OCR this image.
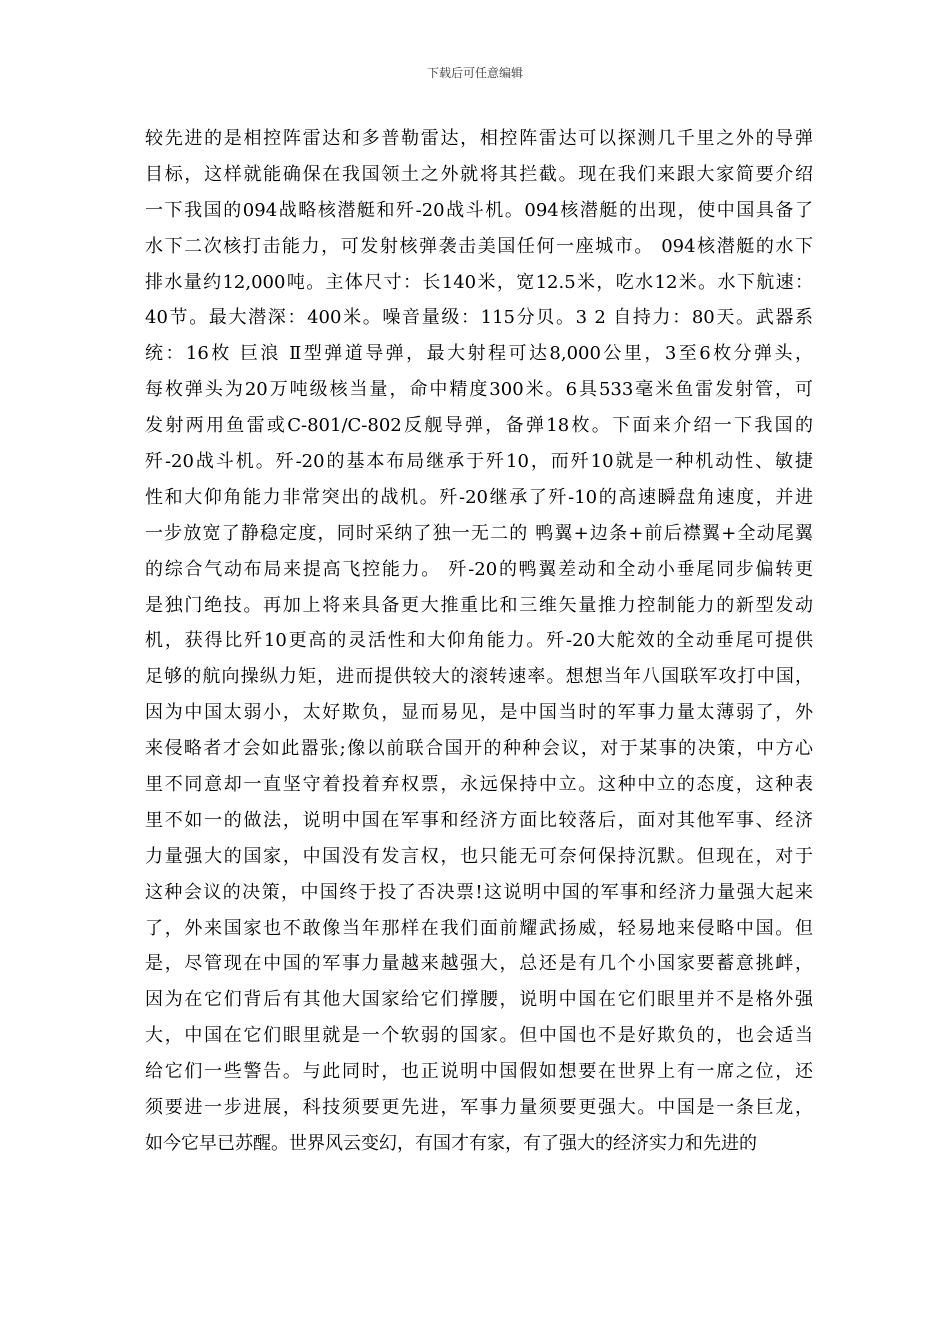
下载后可任意编辑
较先进的是相控阵雷达和多普勒雷达，相控阵雷达可以探测几千里之外的导弹
目标，这样就能确保在我国领土之外就将其拦截。现在我们来跟大家简要介绍
一下我国的094战略核潜艇和歼-20战斗机。094核潜艇的出现，使中国具备了
水下二次核打击能力，可发射核弹袭击美国任何一座城市。 094核潜艇的水下
排水量约12,000吨。主体尺寸：长140米，宽12.5米，吃水12米。水下航速：
40节。最大潜深：400米。噪音量级：115分贝。3 2 自持力：80天。武器系
统：16枚 巨浪 Ⅱ型弹道导弹，最大射程可达8,000公里，3至6枚分弹头，
每枚弹头为20万吨级核当量，命中精度300米。6具533毫米鱼雷发射管，可
发射两用鱼雷或C-801/C-802反舰导弹，备弹18枚。下面来介绍一下我国的
歼-20战斗机。歼-20的基本布局继承于歼10，而歼10就是一种机动性、敏捷
性和大仰角能力非常突出的战机。歼-20继承了歼-10的高速瞬盘角速度，并进
一步放宽了静稳定度，同时采纳了独一无二的 鸭翼+边条+前后襟翼+全动尾翼
的综合气动布局来提高飞控能力。 歼-20的鸭翼差动和全动小垂尾同步偏转更
是独门绝技。再加上将来具备更大推重比和三维矢量推力控制能力的新型发动
机，获得比歼10更高的灵活性和大仰角能力。歼-20大舵效的全动垂尾可提供
足够的航向操纵力矩，进而提供较大的滚转速率。想想当年八国联军攻打中国，
因为中国太弱小，太好欺负，显而易见，是中国当时的军事力量太薄弱了，外
来侵略者才会如此嚣张;像以前联合国开的种种会议，对于某事的决策，中方心
里不同意却一直坚守着投着弃权票，永远保持中立。这种中立的态度，这种表
里不如一的做法，说明中国在军事和经济方面比较落后，面对其他军事、经济
力量强大的国家，中国没有发言权，也只能无可奈何保持沉默。但现在，对于
这种会议的决策，中国终于投了否决票!这说明中国的军事和经济力量强大起来
了，外来国家也不敢像当年那样在我们面前耀武扬威，轻易地来侵略中国。但
是，尽管现在中国的军事力量越来越强大，总还是有几个小国家要蓄意挑衅，
因为在它们背后有其他大国家给它们撑腰，说明中国在它们眼里并不是格外强
大，中国在它们眼里就是一个软弱的国家。但中国也不是好欺负的，也会适当
给它们一些警告。与此同时，也正说明中国假如想要在世界上有一席之位，还
须要进一步进展，科技须要更先进，军事力量须要更强大。中国是一条巨龙，
如今它早已苏醒。世界风云变幻，有国才有家，有了强大的经济实力和先进的
